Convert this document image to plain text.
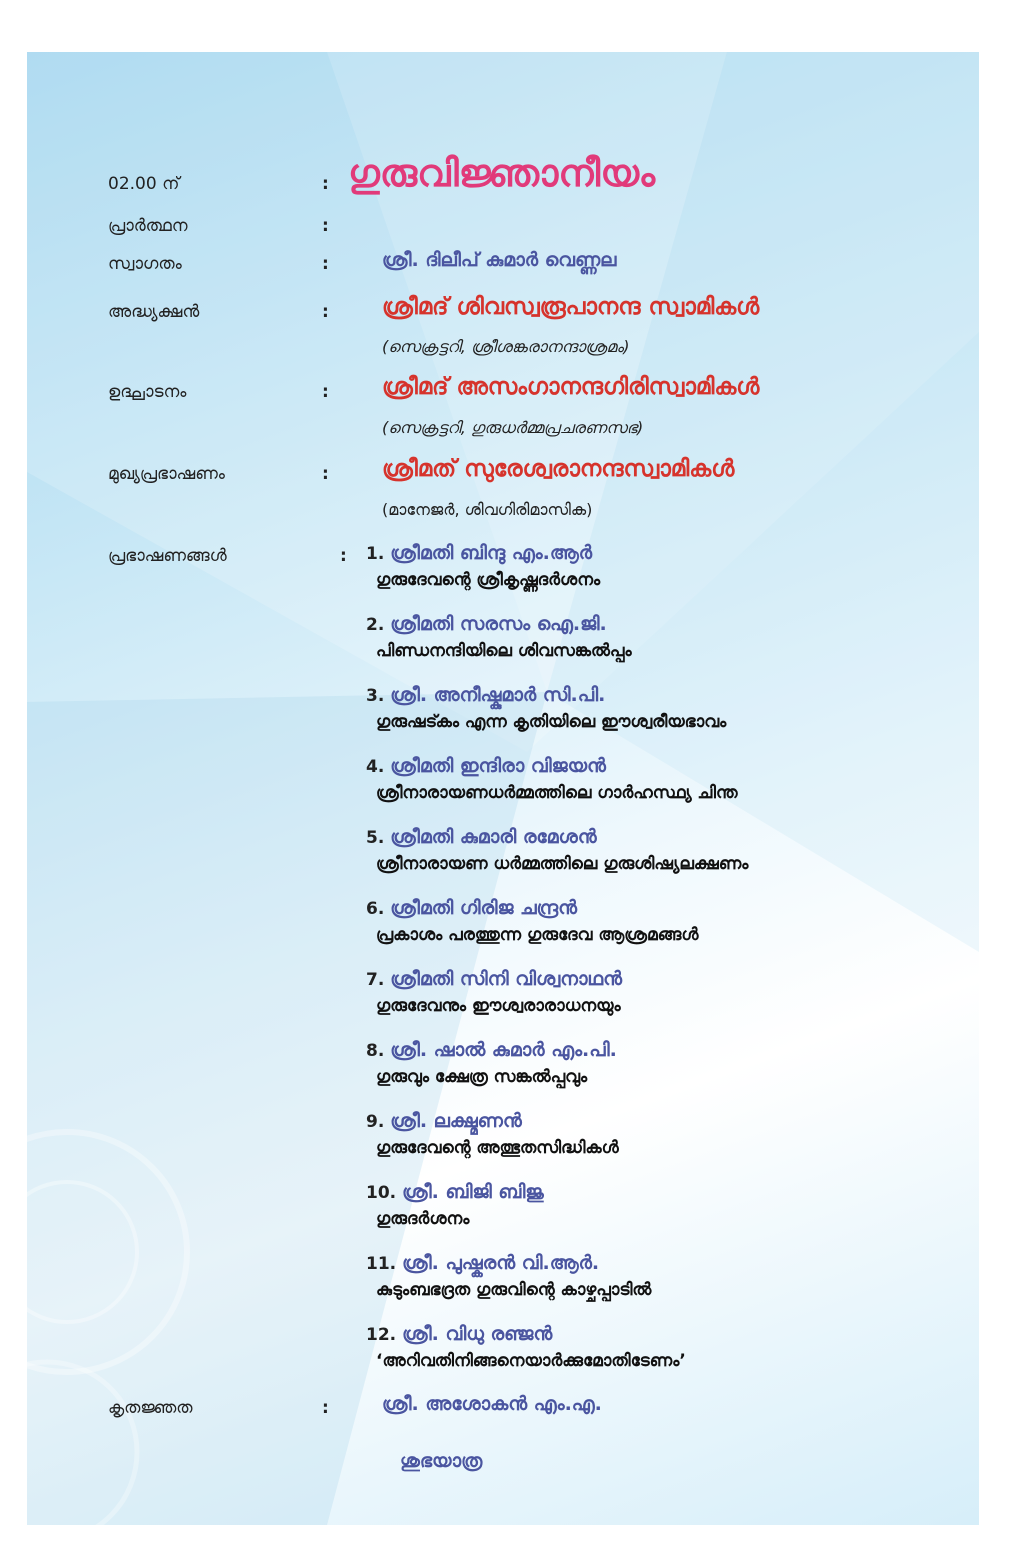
02.00 ന്	: ഗുരുവിജ്ഞാനീയം
പ്രാർത്ഥന	:
സ്വാഗതം	:	ശ്രീ. ദിലീപ് കുമാർ വെണ്ണല
അദ്ധ്യക്ഷൻ	: ശ്രീമദ് ശിവസ്വരൂപാനന്ദ സ്വാമികൾ
(സെക്രട്ടറി, ശ്രീശങ്കരാനന്ദാശ്രമം)
ഉദ്ഘാടനം	: ശ്രീമദ് അസംഗാനന്ദഗിരിസ്വാമികൾ
(സെക്രട്ടറി, ഗുരുധർമ്മപ്രചരണസഭ)
മുഖ്യപ്രഭാഷണം	: ശ്രീമത് സുരേശ്വരാനന്ദസ്വാമികൾ
(മാനേജർ, ശിവഗിരിമാസിക)
പ്രഭാഷണങ്ങൾ	: 1. ശ്രീമതി ബിന്ദു എം.ആർ
ഗുരുദേവന്റെ ശ്രീകൃഷ്ണദർശനം
2. ശ്രീമതി സരസം ഐ.ജി.
പിണ്ഡനന്ദിയിലെ ശിവസങ്കൽപ്പം
3. ശ്രീ. അനീഷ്കുമാർ സി.പി.
ഗുരുഷട്കം എന്ന കൃതിയിലെ ഈശ്വരീയഭാവം
4. ശ്രീമതി ഇന്ദിരാ വിജയൻ
ശ്രീനാരായണധർമ്മത്തിലെ ഗാർഹസ്ഥ്യ ചിന്ത
5. ശ്രീമതി കുമാരി രമേശൻ
ശ്രീനാരായണ ധർമ്മത്തിലെ ഗുരുശിഷ്യലക്ഷണം
6. ശ്രീമതി ഗിരിജ ചന്ദ്രൻ
പ്രകാശം പരത്തുന്ന ഗുരുദേവ ആശ്രമങ്ങൾ
7. ശ്രീമതി സിനി വിശ്വനാഥൻ
ഗുരുദേവനും ഈശ്വരാരാധനയും
8. ശ്രീ. ഷാൽ കുമാർ എം.പി.
ഗുരുവും ക്ഷേത്ര സങ്കൽപ്പവും
9. ശ്രീ. ലക്ഷ്മണൻ
ഗുരുദേവന്റെ അത്ഭുതസിദ്ധികൾ
10. ശ്രീ. ബിജി ബിജു
ഗുരുദർശനം
11. ശ്രീ. പുഷ്കരൻ വി.ആർ.
കുടുംബഭദ്രത ഗുരുവിന്റെ കാഴ്ചപ്പാടിൽ
12. ശ്രീ. വിധു രഞ്ജൻ
‘അറിവതിനിങ്ങനെയാർക്കുമോതിടേണം’
കൃതജ്ഞത	:	ശ്രീ. അശോകൻ എം.എ.
ശുഭയാത്ര
